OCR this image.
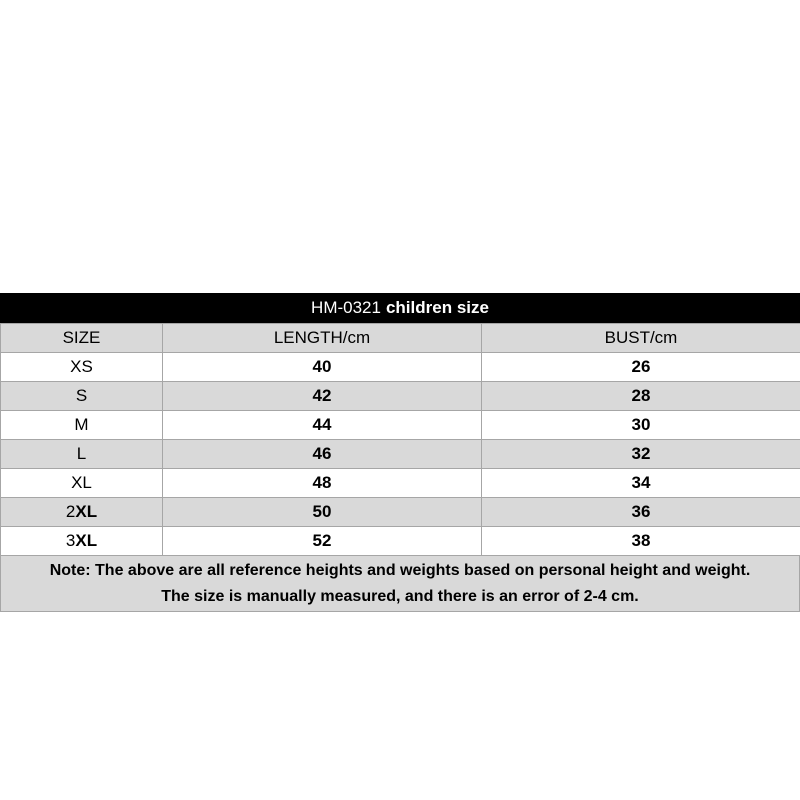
HM-0321 children size
SIZE	LENGTH/cm	BUST/cm
XS	40	26
S	42	28
M	44	30
L	46	32
XL	48	34
2XL	50	36
3XL	52	38
Note: The above are all reference heights and weights based on personal height and weight.
The size is manually measured, and there is an error of 2-4 cm.
